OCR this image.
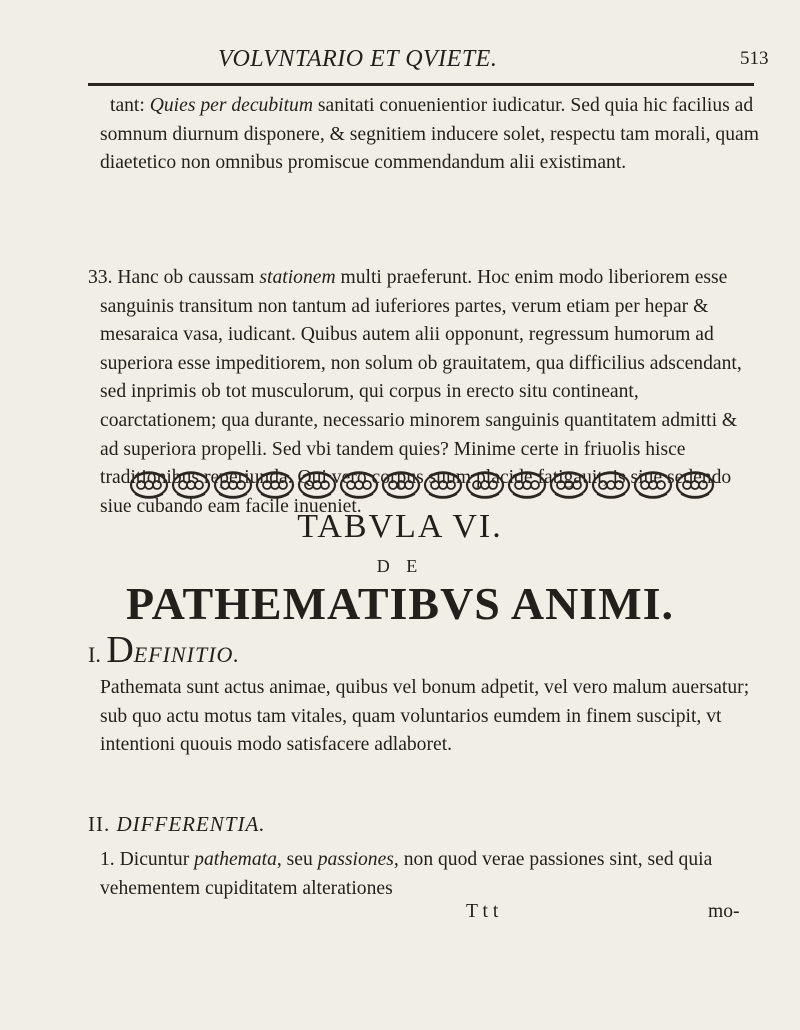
VOLVNTARIO ET QVIETE.	513
tant: Quies per decubitum sanitati conuenientior iudicatur. Sed quia hic facilius ad somnum diurnum disponere, & segnitiem inducere solet, respectu tam morali, quam diaetetico non omnibus promiscue commendandum alii existimant.
33. Hanc ob caussam stationem multi praeferunt. Hoc enim modo liberiorem esse sanguinis transitum non tantum ad iuferiores partes, verum etiam per hepar & mesaraica vasa, iudicant. Quibus autem alii opponunt, regressum humorum ad superiora esse impeditiorem, non solum ob grauitatem, qua difficilius adscendant, sed inprimis ob tot musculorum, qui corpus in erecto situ contineant, coarctationem; qua durante, necessario minorem sanguinis quantitatem admitti & ad superiora propelli. Sed vbi tandem quies? Minime certe in friuolis hisce traditionibus reperiunda. Qui vero corpus suum placide fatigauit, is siue sedendo siue cubando eam facile inueniet.
TABVLA VI.
D E
PATHEMATIBVS ANIMI.
I. DEFINITIO.
Pathemata sunt actus animae, quibus vel bonum adpetit, vel vero malum auersatur; sub quo actu motus tam vitales, quam voluntarios eumdem in finem suscipit, vt intentioni quouis modo satisfacere adlaboret.
II. DIFFERENTIA.
1. Dicuntur pathemata, seu passiones, non quod verae passiones sint, sed quia vehementem cupiditatem alterationes
T t t	mo-
